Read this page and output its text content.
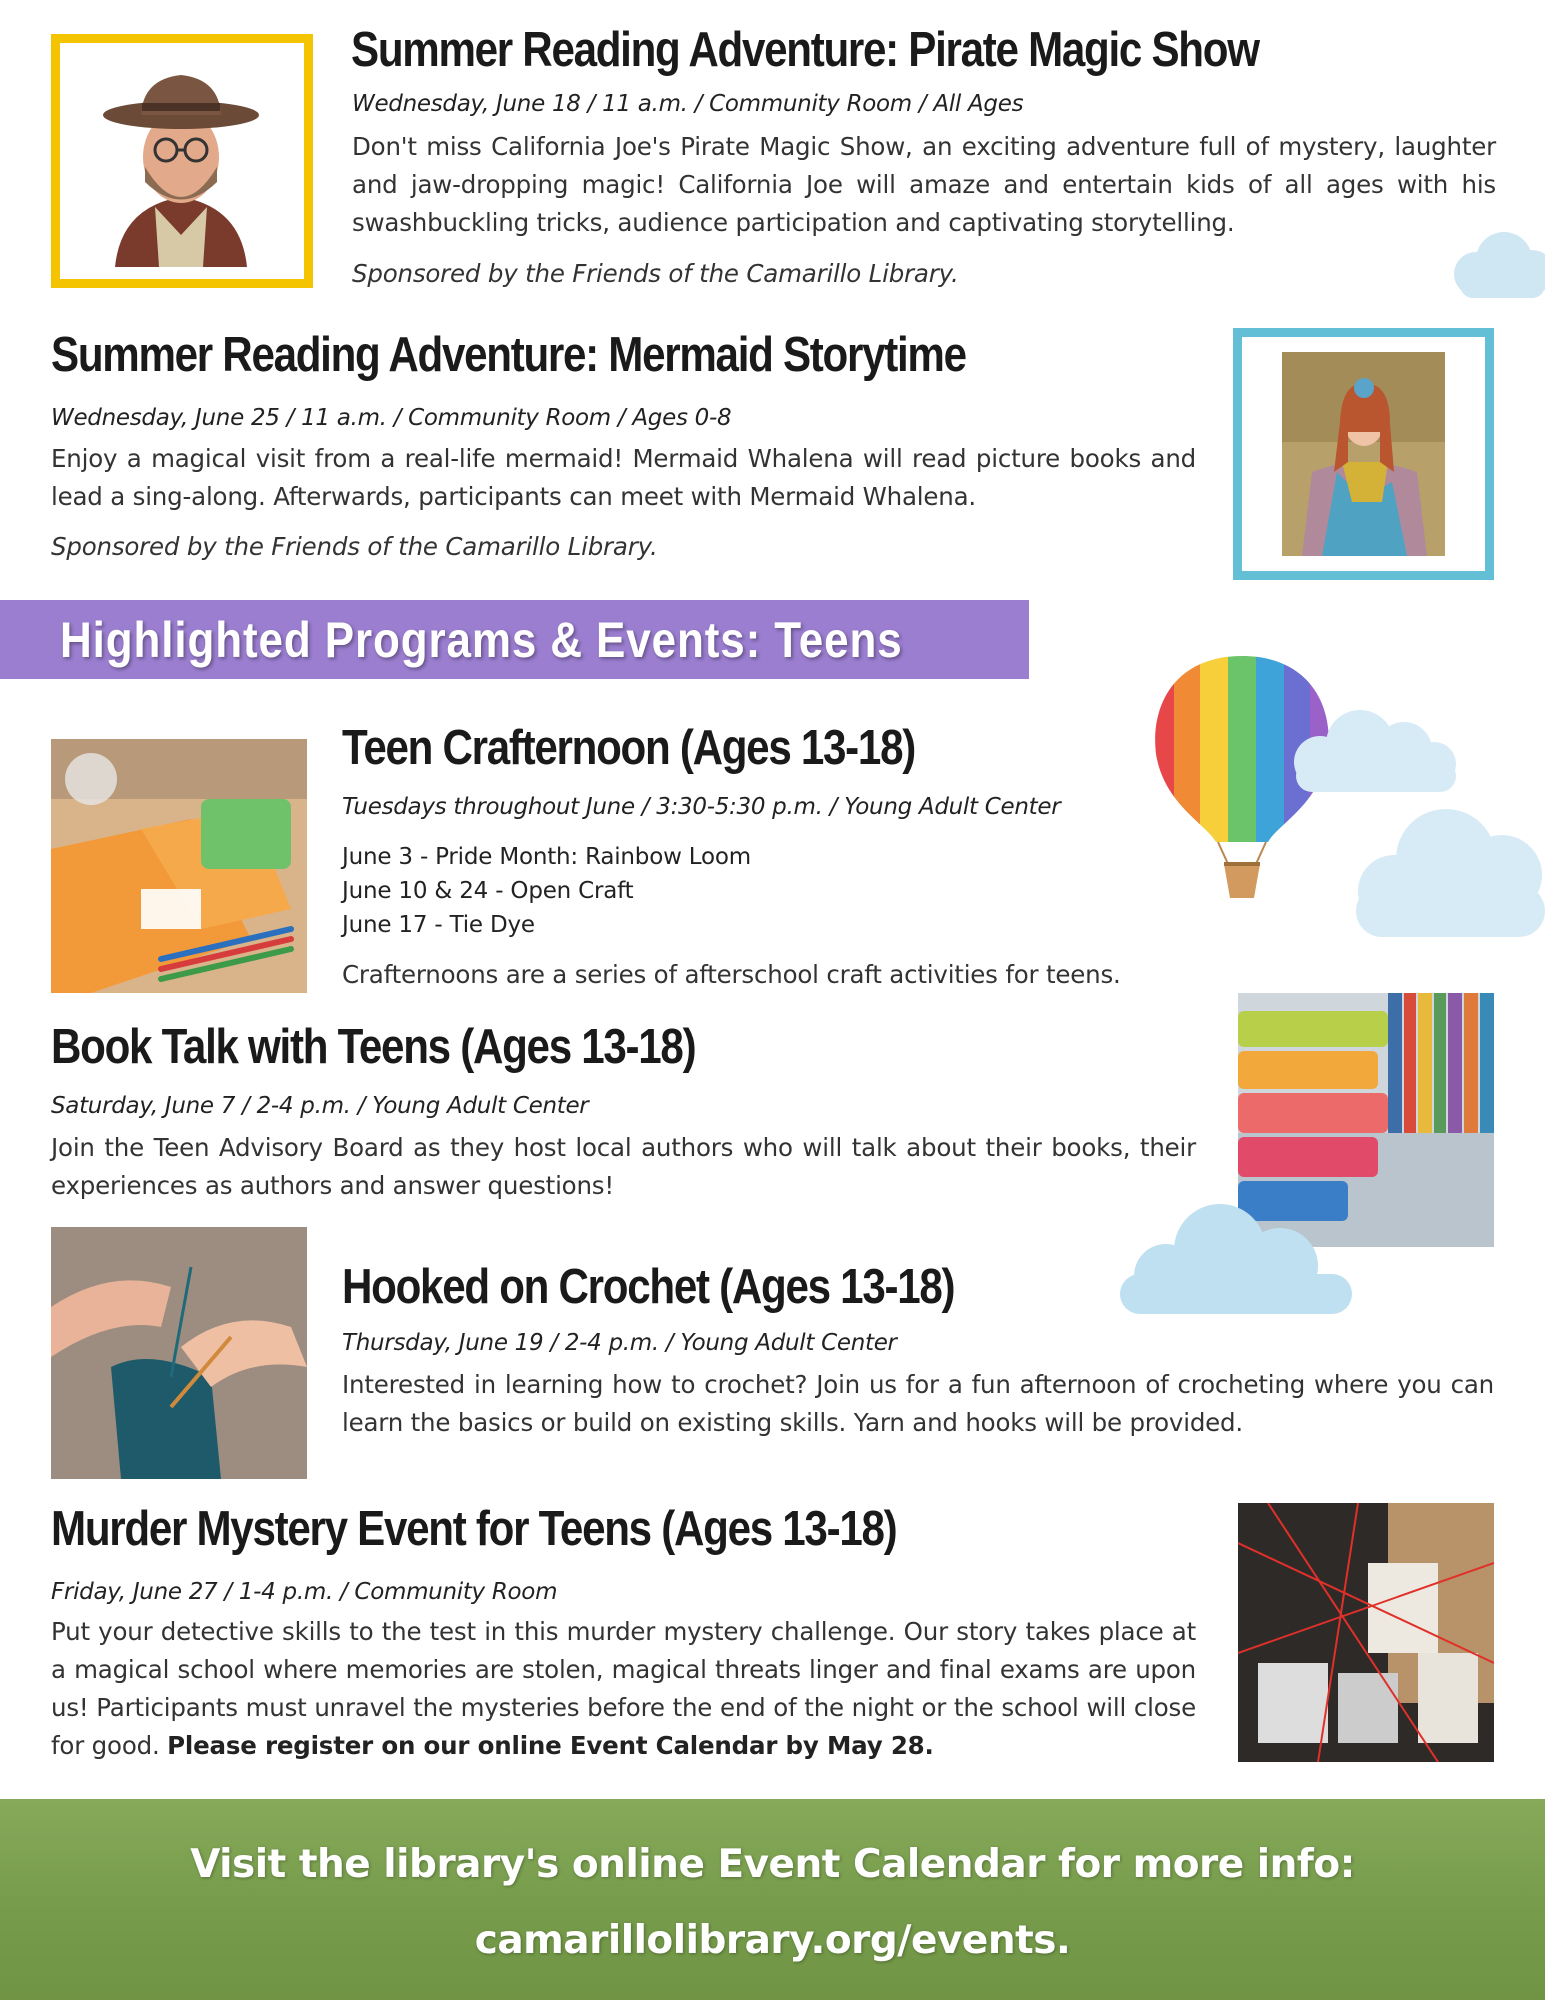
Summer Reading Adventure: Pirate Magic Show
Wednesday, June 18 / 11 a.m. / Community Room / All Ages

Don't miss California Joe's Pirate Magic Show, an exciting adventure full of mystery, laughter and jaw-dropping magic! California Joe will amaze and entertain kids of all ages with his swashbuckling tricks, audience participation and captivating storytelling.

Sponsored by the Friends of the Camarillo Library.
Summer Reading Adventure: Mermaid Storytime
Wednesday, June 25 / 11 a.m. / Community Room / Ages 0-8

Enjoy a magical visit from a real-life mermaid! Mermaid Whalena will read picture books and lead a sing-along. Afterwards, participants can meet with Mermaid Whalena.

Sponsored by the Friends of the Camarillo Library.
Highlighted Programs & Events: Teens
Teen Crafternoon (Ages 13-18)
Tuesdays throughout June / 3:30-5:30 p.m. / Young Adult Center
June 3 - Pride Month: Rainbow Loom
June 10 & 24 - Open Craft
June 17 - Tie Dye
Crafternoons are a series of afterschool craft activities for teens.
Book Talk with Teens (Ages 13-18)
Saturday, June 7 / 2-4 p.m. / Young Adult Center

Join the Teen Advisory Board as they host local authors who will talk about their books, their experiences as authors and answer questions!

Hooked on Crochet (Ages 13-18)
Thursday, June 19 / 2-4 p.m. / Young Adult Center

Interested in learning how to crochet? Join us for a fun afternoon of crocheting where you can learn the basics or build on existing skills. Yarn and hooks will be provided.

Murder Mystery Event for Teens (Ages 13-18)
Friday, June 27 / 1-4 p.m. / Community Room

Put your detective skills to the test in this murder mystery challenge. Our story takes place at a magical school where memories are stolen, magical threats linger and final exams are upon us! Participants must unravel the mysteries before the end of the night or the school will close for good. Please register on our online Event Calendar by May 28.

Visit the library's online Event Calendar for more info:
camarillolibrary.org/events.
